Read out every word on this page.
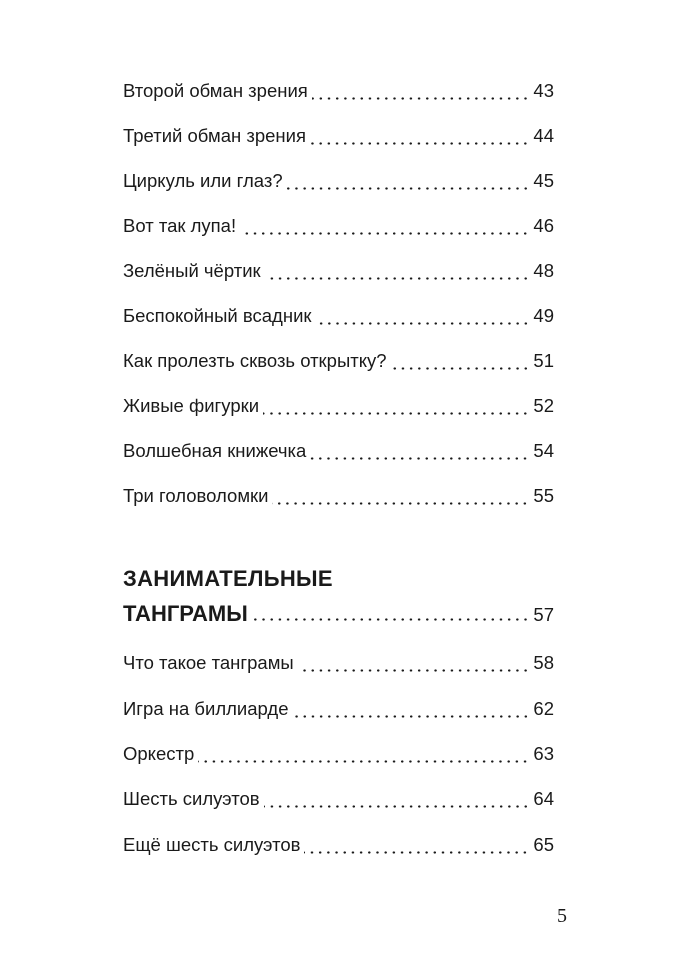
Второй обман зрения	43
Третий обман зрения	44
Циркуль или глаз?	45
Вот так лупа!	46
Зелёный чёртик	48
Беспокойный всадник	49
Как пролезть сквозь открытку?	51
Живые фигурки	52
Волшебная книжечка	54
Три головоломки	55
ЗАНИМАТЕЛЬНЫЕ
ТАНГРАМЫ	57
Что такое танграмы	58
Игра на биллиарде	62
Оркестр	63
Шесть силуэтов	64
Ещё шесть силуэтов	65
5
